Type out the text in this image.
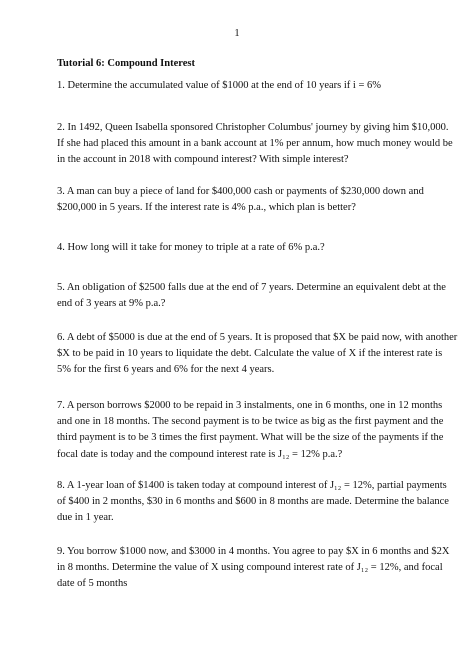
1
Tutorial 6: Compound Interest
1. Determine the accumulated value of $1000 at the end of 10 years if i = 6%
2. In 1492, Queen Isabella sponsored Christopher Columbus' journey by giving him $10,000.
If she had placed this amount in a bank account at 1% per annum, how much money would be
in the account in 2018 with compound interest? With simple interest?
3. A man can buy a piece of land for $400,000 cash or payments of $230,000 down and
$200,000 in 5 years. If the interest rate is 4% p.a., which plan is better?
4. How long will it take for money to triple at a rate of 6% p.a.?
5. An obligation of $2500 falls due at the end of 7 years. Determine an equivalent debt at the
end of 3 years at 9% p.a.?
6. A debt of $5000 is due at the end of 5 years. It is proposed that $X be paid now, with another
$X to be paid in 10 years to liquidate the debt. Calculate the value of X if the interest rate is
5% for the first 6 years and 6% for the next 4 years.
7. A person borrows $2000 to be repaid in 3 instalments, one in 6 months, one in 12 months
and one in 18 months. The second payment is to be twice as big as the first payment and the
third payment is to be 3 times the first payment. What will be the size of the payments if the
focal date is today and the compound interest rate is J₁₂ = 12% p.a.?
8. A 1-year loan of $1400 is taken today at compound interest of J₁₂ = 12%, partial payments
of $400 in 2 months, $30 in 6 months and $600 in 8 months are made. Determine the balance
due in 1 year.
9. You borrow $1000 now, and $3000 in 4 months. You agree to pay $X in 6 months and $2X
in 8 months. Determine the value of X using compound interest rate of J₁₂ = 12%, and focal
date of 5 months
